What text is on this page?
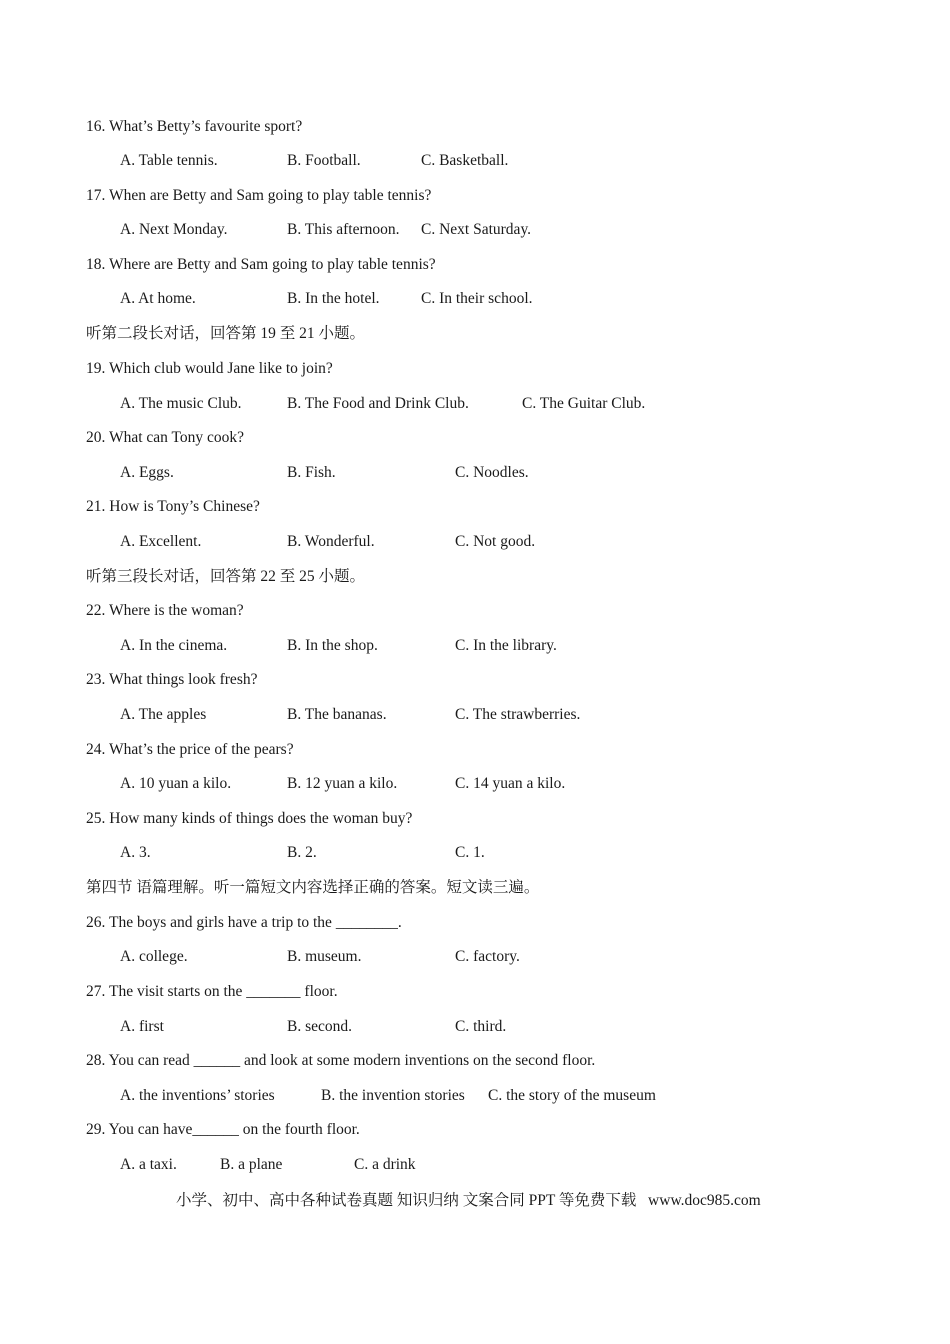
16. What’s Betty’s favourite sport?
A. Table tennis.	B. Football.	C. Basketball.
17. When are Betty and Sam going to play table tennis?
A. Next Monday.	B. This afternoon. C. Next Saturday.
18. Where are Betty and Sam going to play table tennis?
A. At home.	B. In the hotel.	C. In their school.
听第二段长对话，回答第 19 至 21 小题。
19. Which club would Jane like to join?
A. The music Club.	B. The Food and Drink Club.	C. The Guitar Club.
20. What can Tony cook?
A. Eggs.	B. Fish.	C. Noodles.
21. How is Tony’s Chinese?
A. Excellent.	B. Wonderful.	C. Not good.
听第三段长对话，回答第 22 至 25 小题。
22. Where is the woman?
A. In the cinema.	B. In the shop.	C. In the library.
23. What things look fresh?
A. The apples	B. The bananas.	C. The strawberries.
24. What’s the price of the pears?
A. 10 yuan a kilo.	B. 12 yuan a kilo.	C. 14 yuan a kilo.
25. How many kinds of things does the woman buy?
A. 3.	B. 2.	C. 1.
第四节 语篇理解。听一篇短文内容选择正确的答案。短文读三遍。
26. The boys and girls have a trip to the ________.
A. college.	B. museum.	C. factory.
27. The visit starts on the _______ floor.
A. first	B. second.	C. third.
28. You can read ______ and look at some modern inventions on the second floor.
A. the inventions’ stories	B. the invention stories C. the story of the museum
29. You can have______ on the fourth floor.
A. a taxi.	B. a plane	C. a drink
小学、初中、高中各种试卷真题 知识归纳 文案合同 PPT 等免费下载   www.doc985.com
